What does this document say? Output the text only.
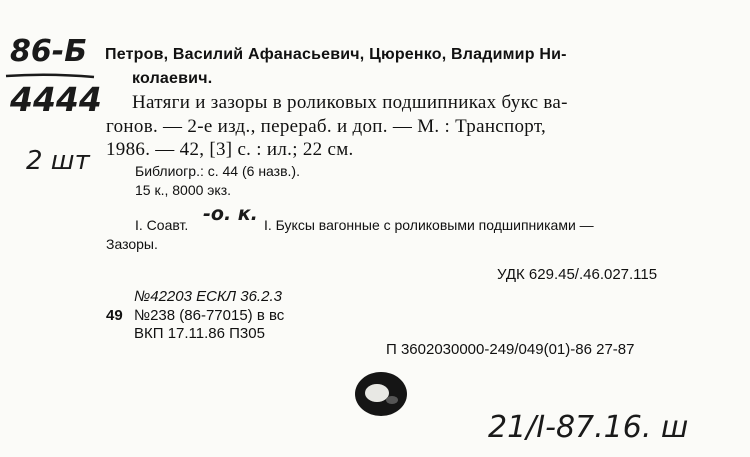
86-Б
4444
2 шт
Петров, Василий Афанасьевич, Цюренко, Владимир Ни-
колаевич.
Натяги и зазоры в роликовых подшипниках букс ва-
гонов. — 2-е изд., перераб. и доп. — М. : Транспорт,
1986. — 42, [3] с. : ил.; 22 см.
Библиогр.: с. 44 (6 назв.).
15 к., 8000 экз.
I. Соавт. -о. к. I. Буксы вагонные с роликовыми подшипниками —
Зазоры.
УДК 629.45/.46.027.115
№42203 ЕСКЛ 36.2.3
49 №238 (86-77015) в вс
ВКП 17.11.86 П305
П 3602030000-249/049(01)-86 27-87
21/I-87.16. ш
